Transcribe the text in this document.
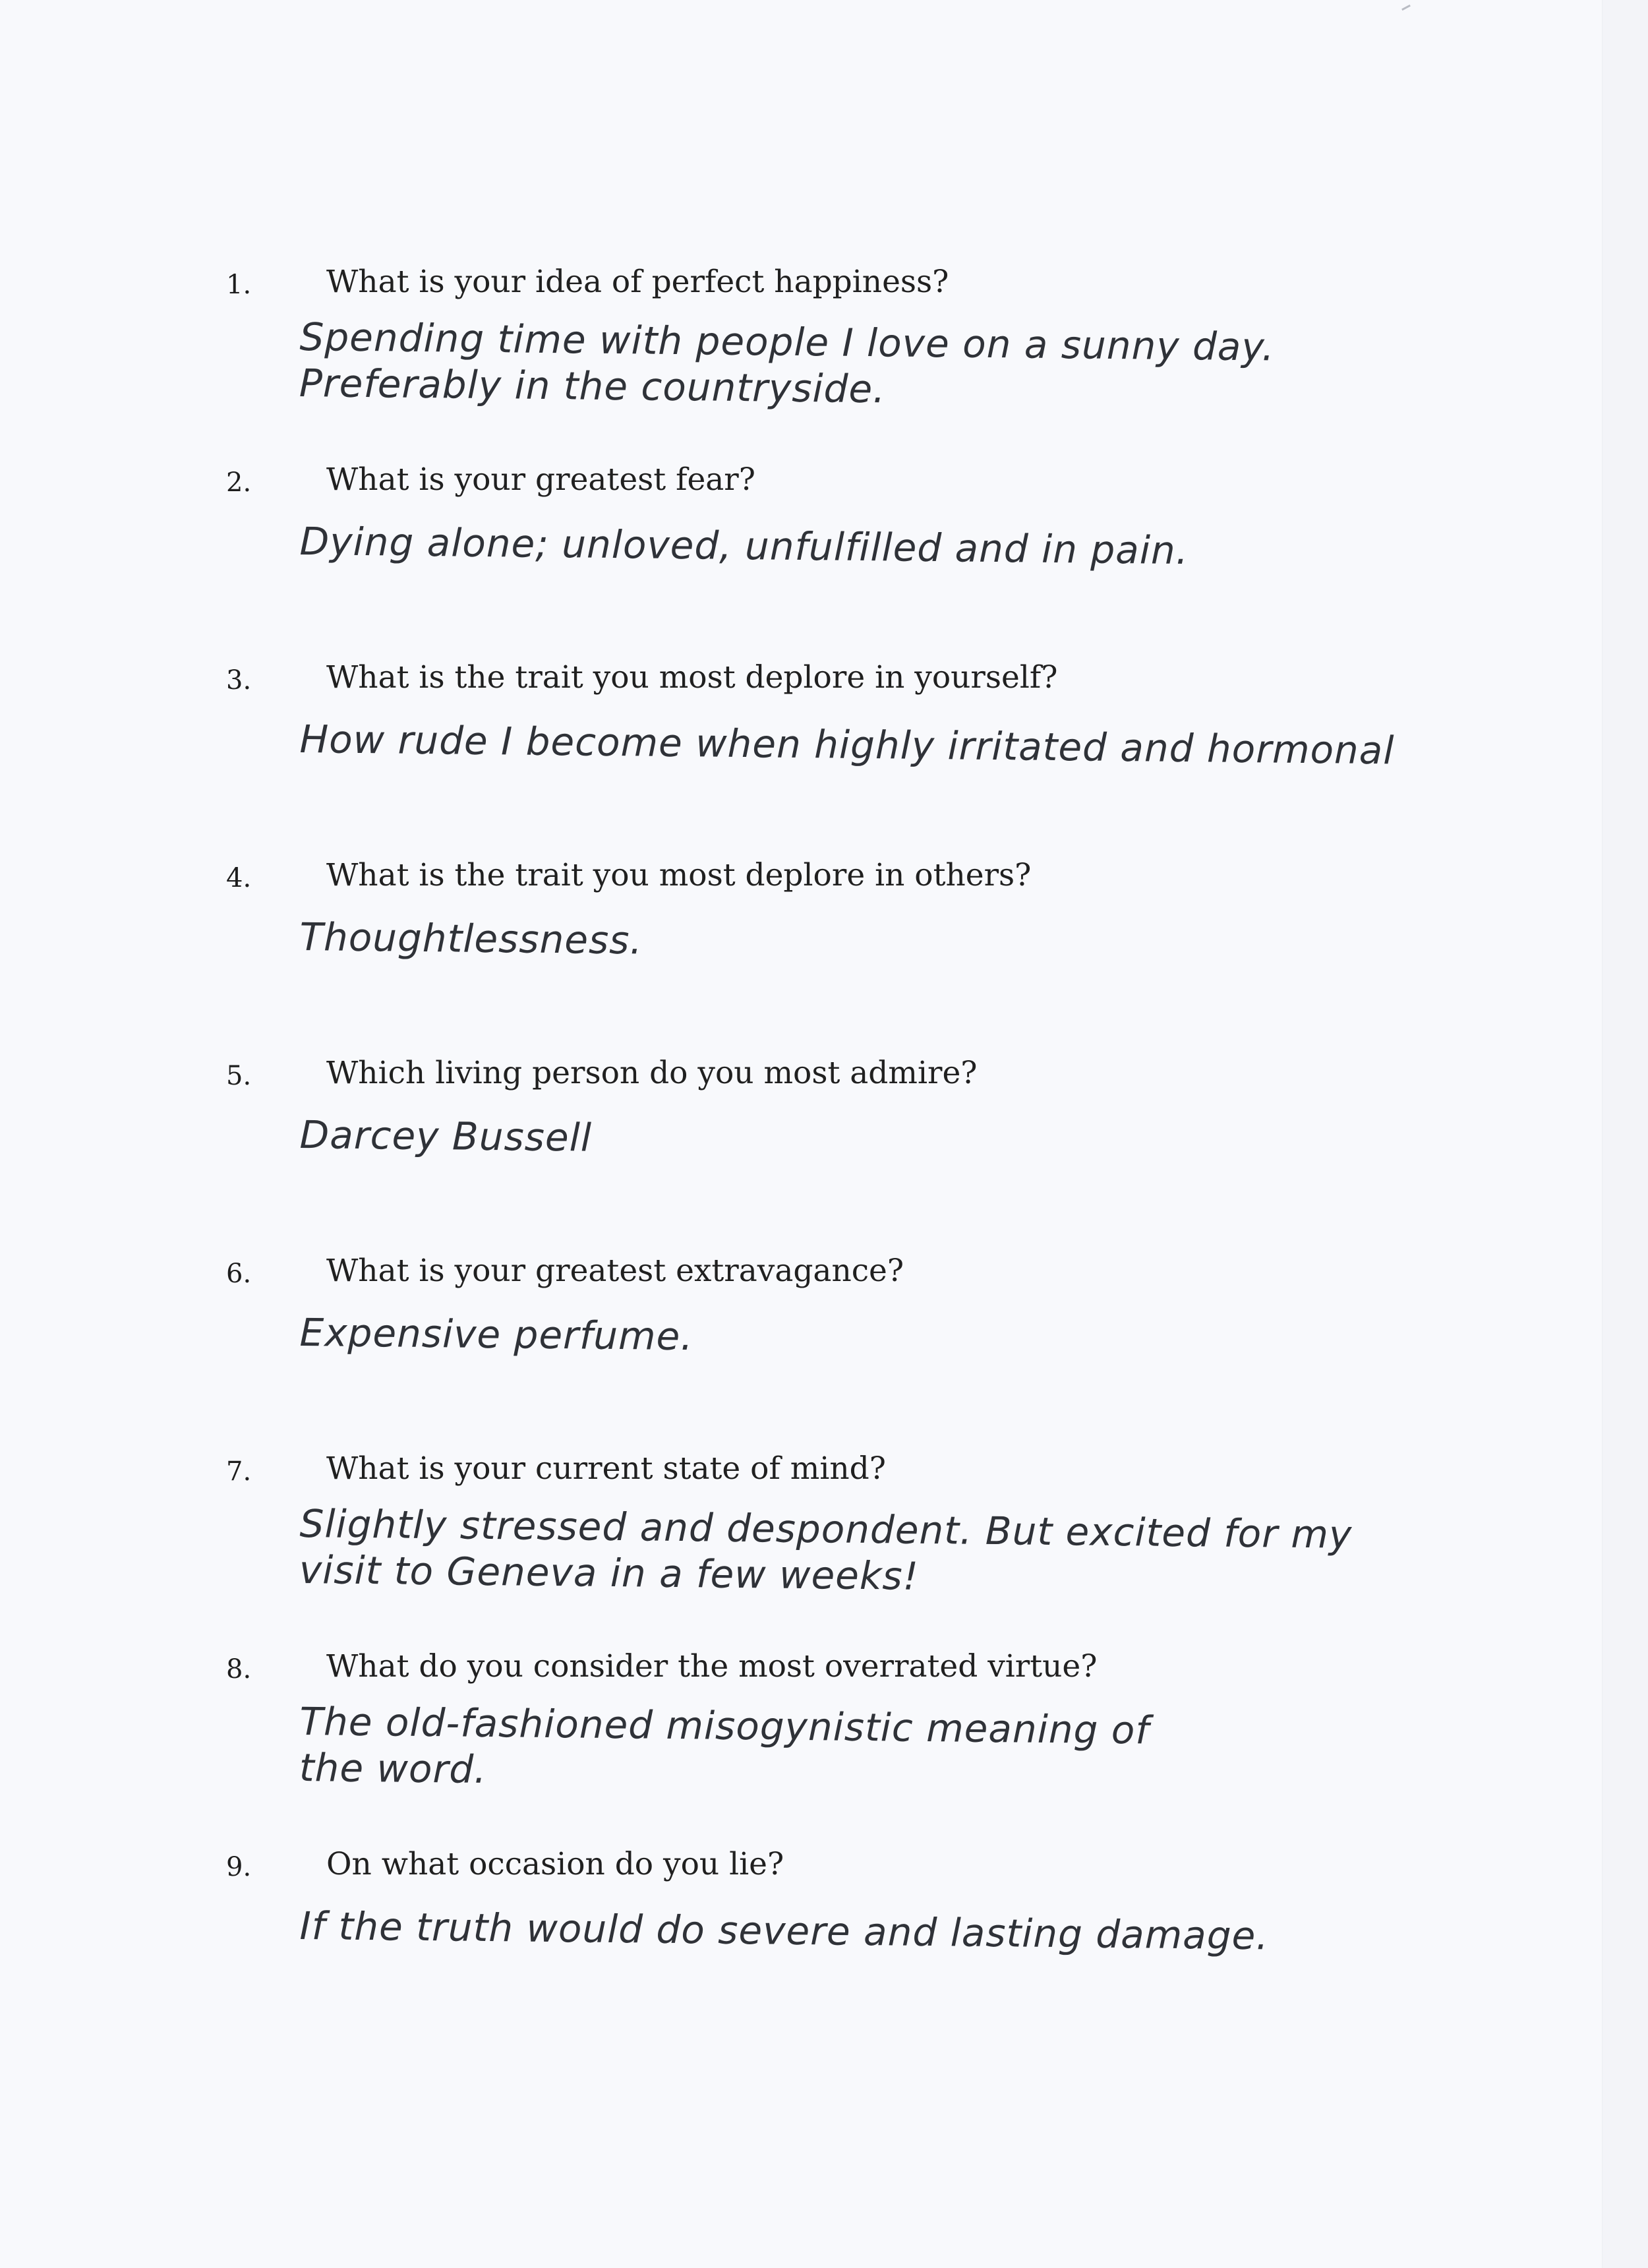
1. What is your idea of perfect happiness?
Spending time with people I love on a sunny day.
Preferably in the countryside.
2. What is your greatest fear?
Dying alone; unloved, unfulfilled and in pain.
3. What is the trait you most deplore in yourself?
How rude I become when highly irritated and hormonal
4. What is the trait you most deplore in others?
Thoughtlessness.
5. Which living person do you most admire?
Darcey Bussell
6. What is your greatest extravagance?
Expensive perfume.
7. What is your current state of mind?
Slightly stressed and despondent. But excited for my
visit to Geneva in a few weeks!
8. What do you consider the most overrated virtue?
The old-fashioned misogynistic meaning of
the word.
9. On what occasion do you lie?
If the truth would do severe and lasting damage.
